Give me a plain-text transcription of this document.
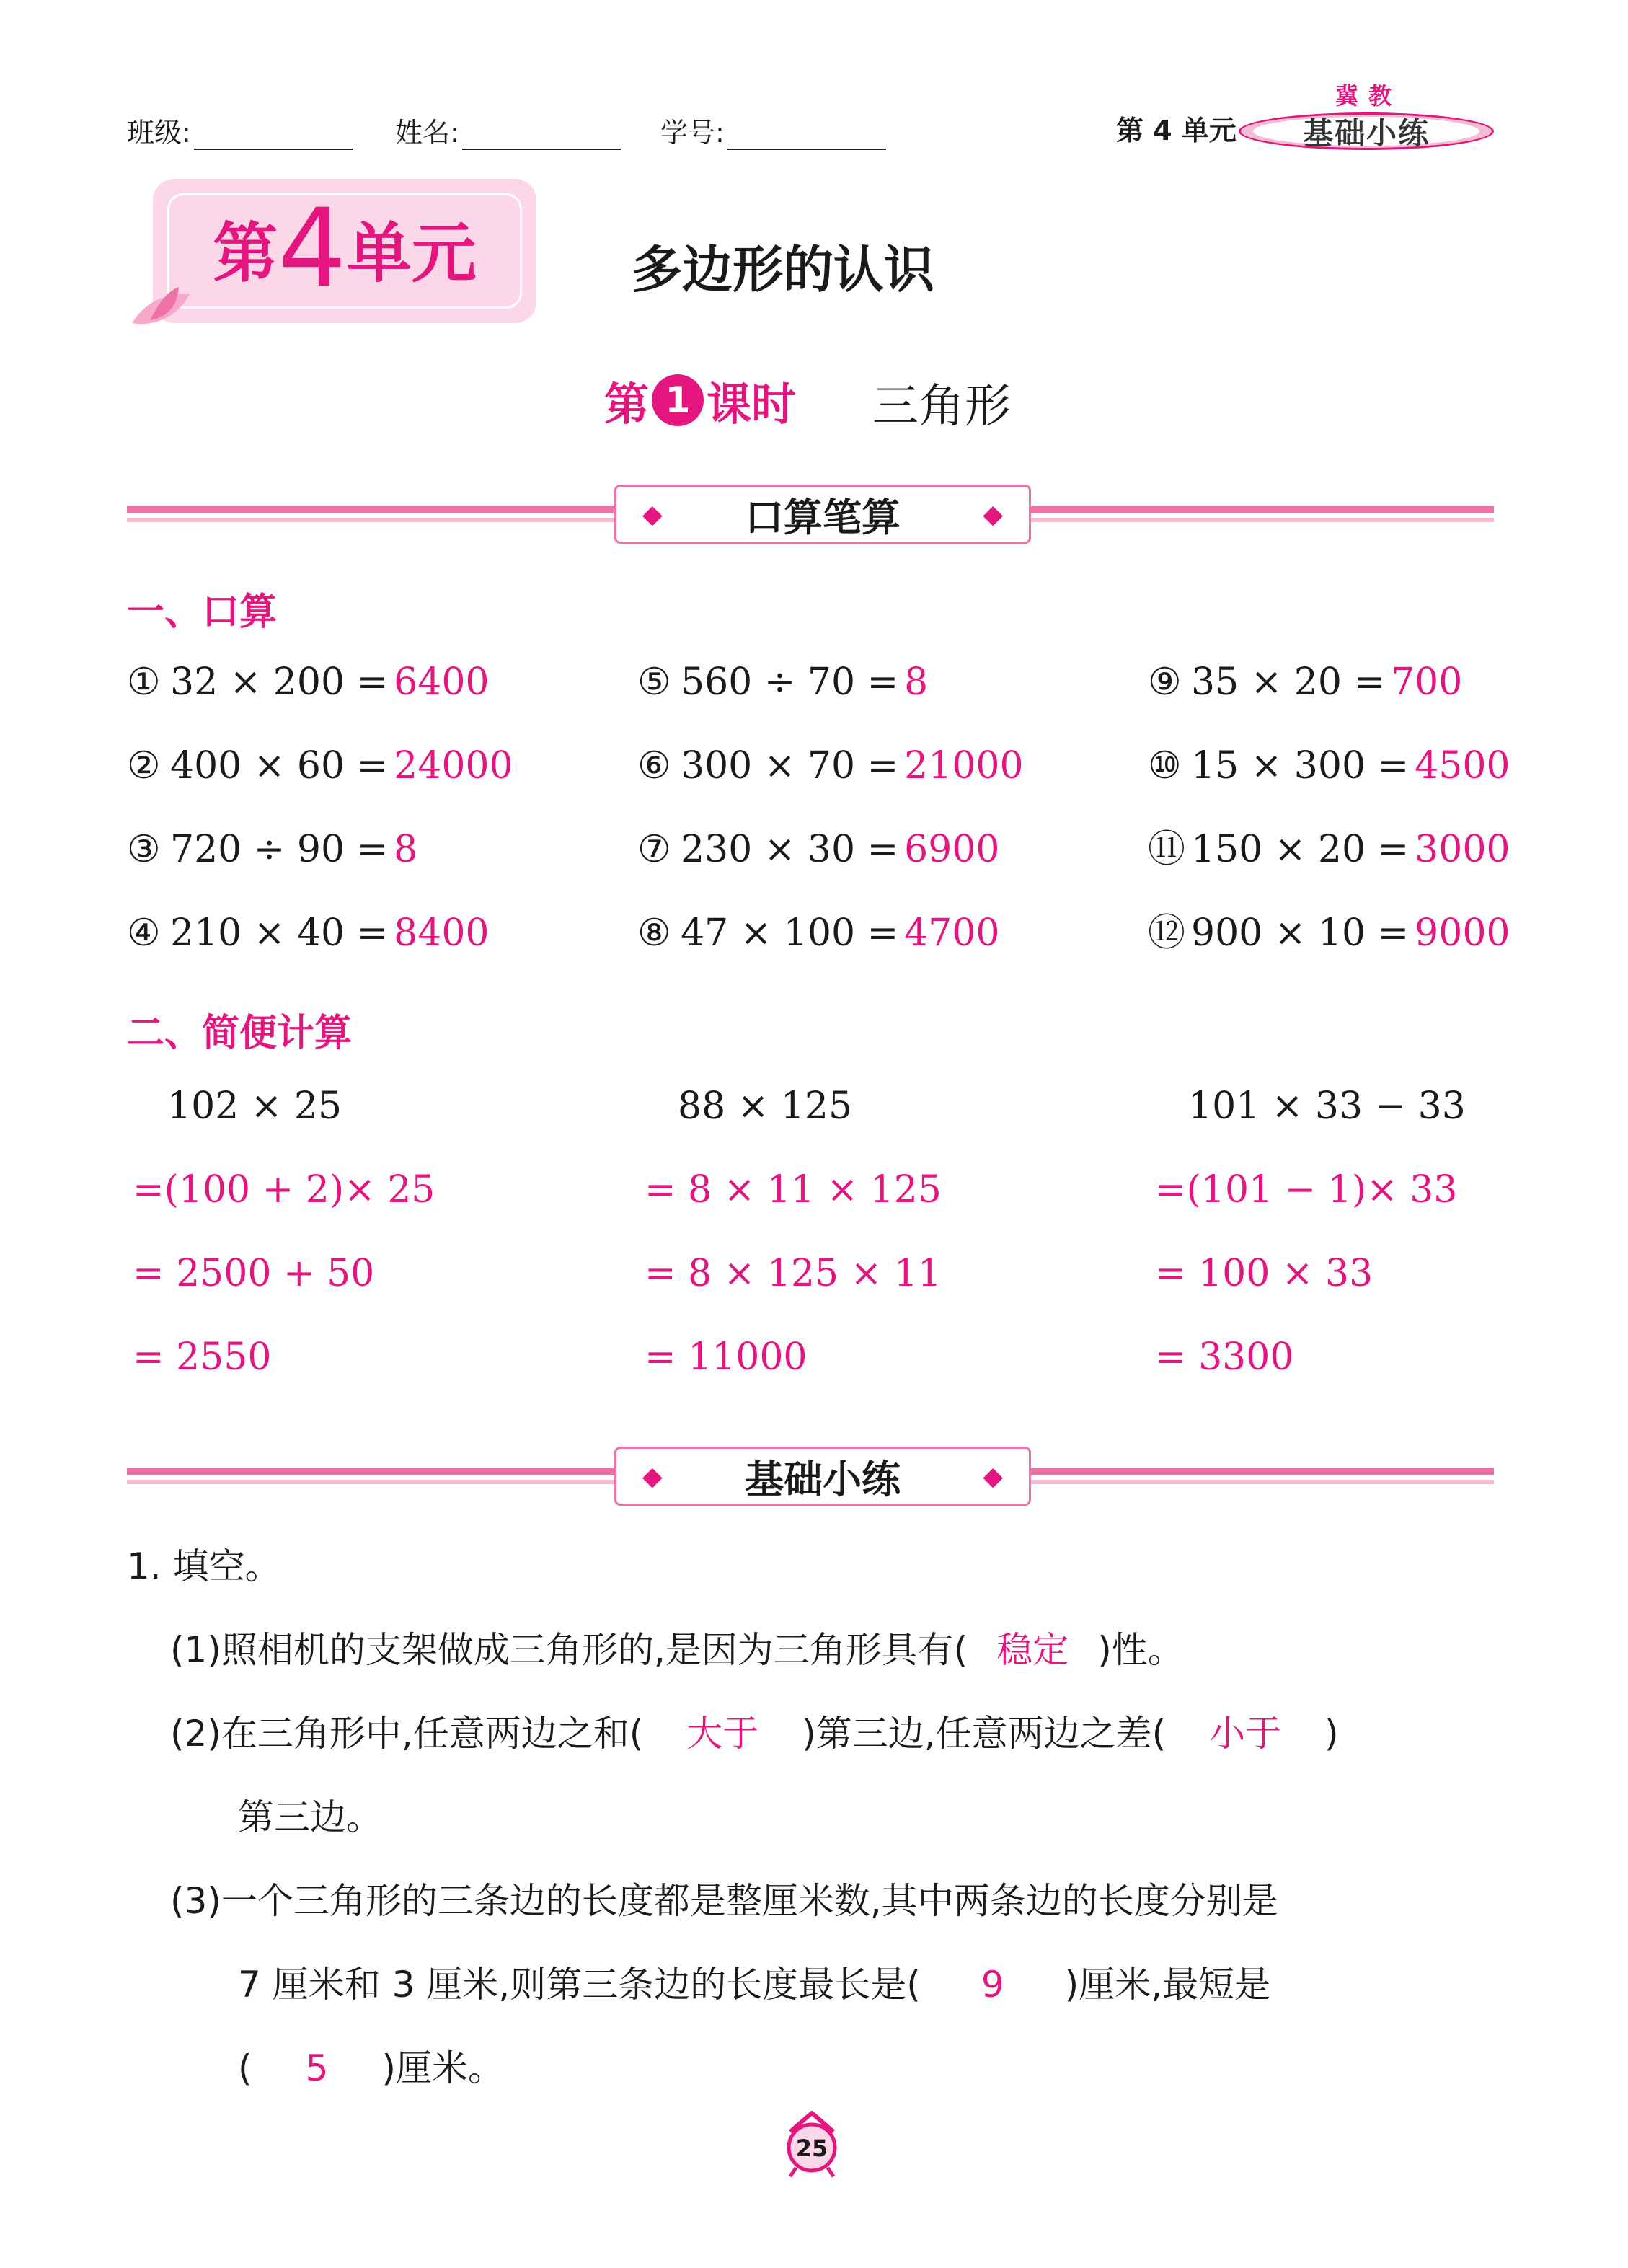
班级:	姓名:	学号:	第 4 单元
冀教
基础小练
第4单元	多边形的认识
第 1 课时 三角形
◆ 口算笔算	◆
一、口算
① 32 × 200 = 6400
② 400 × 60 = 24000
③ 720 ÷ 90 = 8
④ 210 × 40 = 8400
⑤ 560 ÷ 70 = 8
⑥ 300 × 70 = 21000
⑦ 230 × 30 = 6900
⑧ 47 × 100 = 4700
⑨ 35 × 20 = 700
⑩ 15 × 300 = 4500
⑪ 150 × 20 = 3000
⑫ 900 × 10 = 9000
二、简便计算
102 × 25
=(100 + 2)× 25
= 2500 + 50
= 2550
88 × 125
= 8 × 11 × 125
= 8 × 125 × 11
= 11000
101 × 33 − 33
=(101 − 1)× 33
= 100 × 33
= 3300
◆ 基础小练	◆
1. 填空。
(1)照相机的支架做成三角形的,是因为三角形具有( 稳定 )性。
(2)在三角形中,任意两边之和( 大于 )第三边,任意两边之差( 小于 )
第三边。
(3)一个三角形的三条边的长度都是整厘米数,其中两条边的长度分别是
7 厘米和 3 厘米,则第三条边的长度最长是( 9 )厘米,最短是
( 5 )厘米。
25
